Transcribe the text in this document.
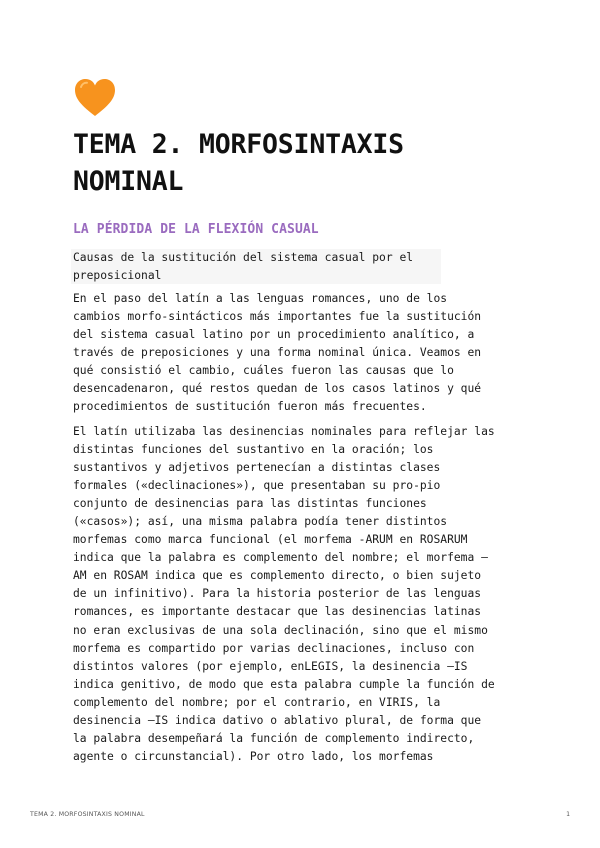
TEMA 2. MORFOSINTAXIS
NOMINAL
LA PÉRDIDA DE LA FLEXIÓN CASUAL
Causas de la sustitución del sistema casual por el
preposicional

En el paso del latín a las lenguas romances, uno de los
cambios morfo-sintácticos más importantes fue la sustitución
del sistema casual latino por un procedimiento analítico, a
través de preposiciones y una forma nominal única. Veamos en
qué consistió el cambio, cuáles fueron las causas que lo
desencadenaron, qué restos quedan de los casos latinos y qué
procedimientos de sustitución fueron más frecuentes.

El latín utilizaba las desinencias nominales para reflejar las
distintas funciones del sustantivo en la oración; los
sustantivos y adjetivos pertenecían a distintas clases
formales («declinaciones»), que presentaban su pro-pio
conjunto de desinencias para las distintas funciones
(«casos»); así, una misma palabra podía tener distintos
morfemas como marca funcional (el morfema -ARUM en ROSARUM
indica que la palabra es complemento del nombre; el morfema –
AM en ROSAM indica que es complemento directo, o bien sujeto
de un infinitivo). Para la historia posterior de las lenguas
romances, es importante destacar que las desinencias latinas
no eran exclusivas de una sola declinación, sino que el mismo
morfema es compartido por varias declinaciones, incluso con
distintos valores (por ejemplo, enLEGIS, la desinencia –IS
indica genitivo, de modo que esta palabra cumple la función de
complemento del nombre; por el contrario, en VIRIS, la
desinencia –IS indica dativo o ablativo plural, de forma que
la palabra desempeñará la función de complemento indirecto,
agente o circunstancial). Por otro lado, los morfemas

TEMA 2. MORFOSINTAXIS NOMINAL	1
